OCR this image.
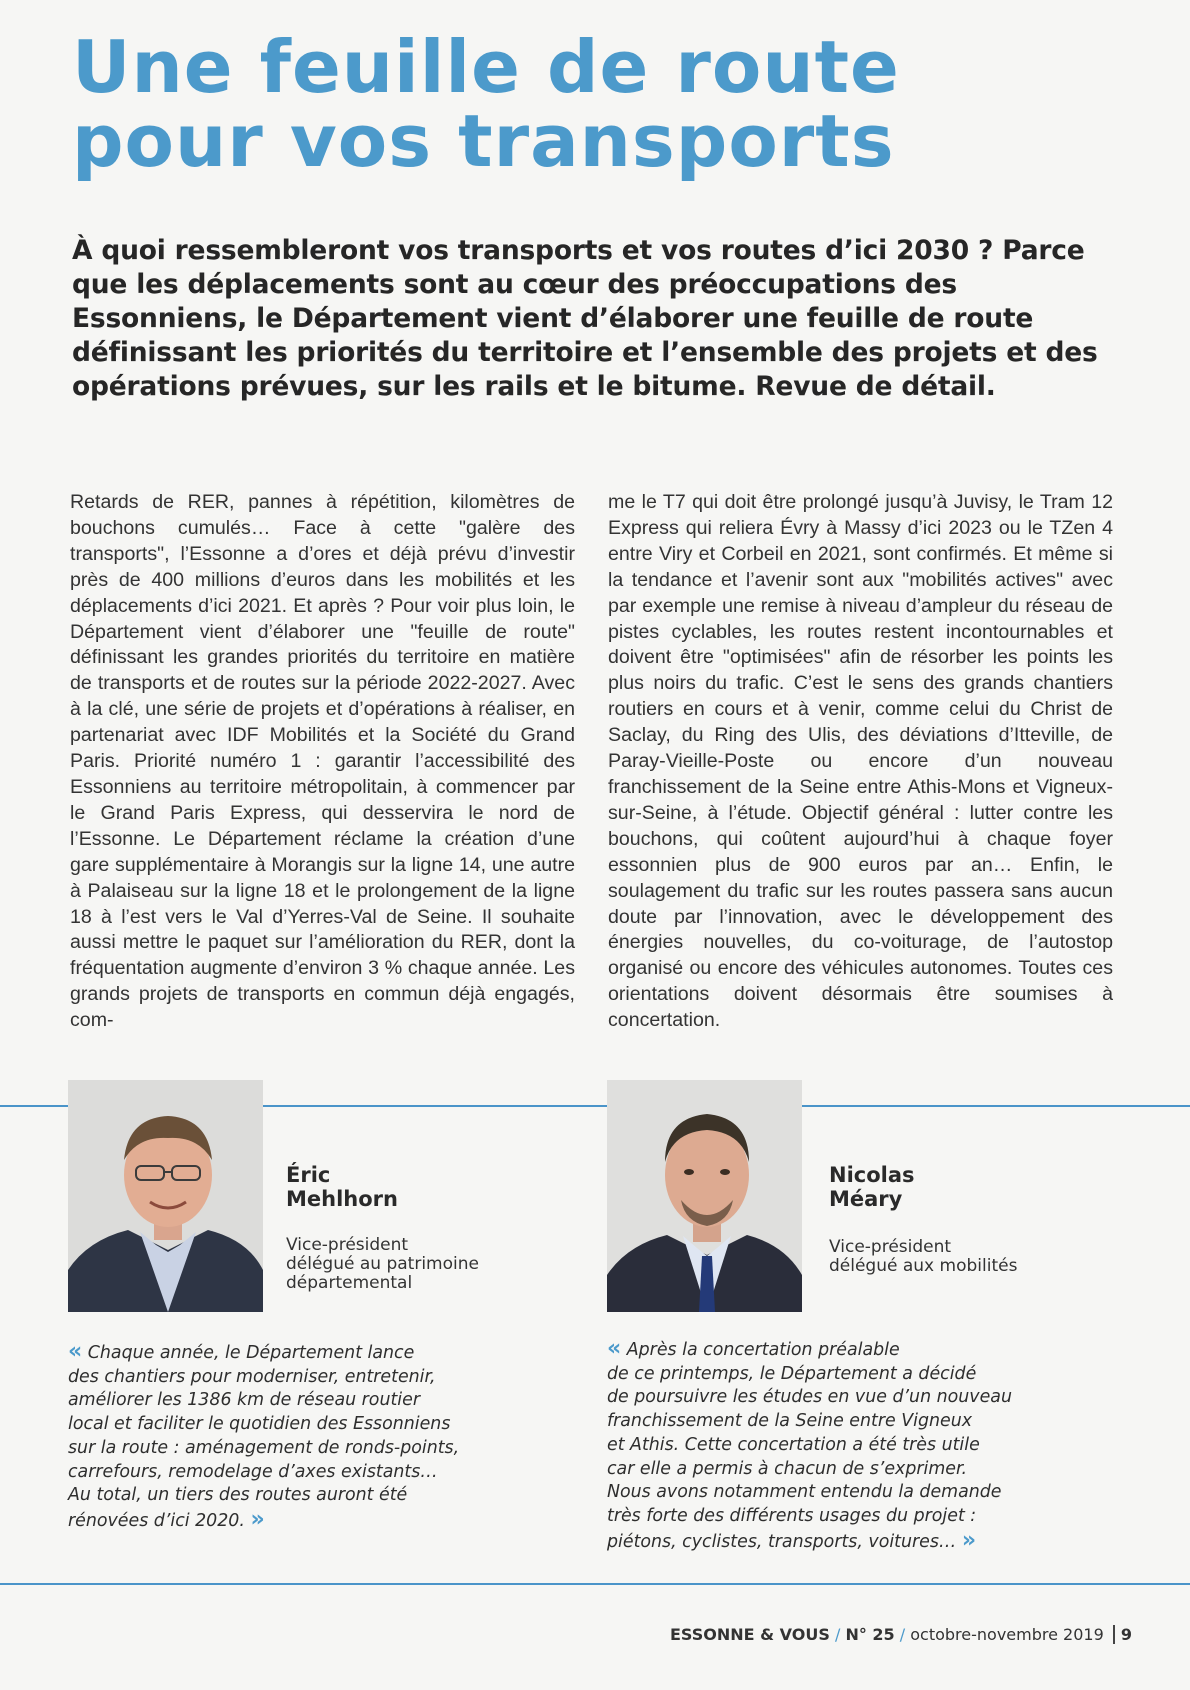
Une feuille de route
pour vos transports

À quoi ressembleront vos transports et vos routes d’ici 2030 ? Parce que les déplacements sont au cœur des préoccupations des Essonniens, le Département vient d’élaborer une feuille de route définissant les priorités du territoire et l’ensemble des projets et des opérations prévues, sur les rails et le bitume. Revue de détail.

Retards de RER, pannes à répétition, kilomètres de bouchons cumulés… Face à cette "galère des transports", l’Essonne a d’ores et déjà prévu d’investir près de 400 millions d’euros dans les mobilités et les déplacements d’ici 2021. Et après ? Pour voir plus loin, le Département vient d’élaborer une "feuille de route" définissant les grandes priorités du territoire en matière de transports et de routes sur la période 2022-2027. Avec à la clé, une série de projets et d’opérations à réaliser, en partenariat avec IDF Mobilités et la Société du Grand Paris. Priorité numéro 1 : garantir l’accessibilité des Essonniens au territoire métropolitain, à commencer par le Grand Paris Express, qui desservira le nord de l’Essonne. Le Département réclame la création d’une gare supplémentaire à Morangis sur la ligne 14, une autre à Palaiseau sur la ligne 18 et le prolongement de la ligne 18 à l’est vers le Val d’Yerres-Val de Seine. Il souhaite aussi mettre le paquet sur l’amélioration du RER, dont la fréquentation augmente d’environ 3 % chaque année. Les grands projets de transports en commun déjà engagés, com-

me le T7 qui doit être prolongé jusqu’à Juvisy, le Tram 12 Express qui reliera Évry à Massy d’ici 2023 ou le TZen 4 entre Viry et Corbeil en 2021, sont confirmés. Et même si la tendance et l’avenir sont aux "mobilités actives" avec par exemple une remise à niveau d’ampleur du réseau de pistes cyclables, les routes restent incontournables et doivent être "optimisées" afin de résorber les points les plus noirs du trafic. C’est le sens des grands chantiers routiers en cours et à venir, comme celui du Christ de Saclay, du Ring des Ulis, des déviations d’Itteville, de Paray-Vieille-Poste ou encore d’un nouveau franchissement de la Seine entre Athis-Mons et Vigneux-sur-Seine, à l’étude. Objectif général : lutter contre les bouchons, qui coûtent aujourd’hui à chaque foyer essonnien plus de 900 euros par an… Enfin, le soulagement du trafic sur les routes passera sans aucun doute par l’innovation, avec le développement des énergies nouvelles, du co-voiturage, de l’autostop organisé ou encore des véhicules autonomes. Toutes ces orientations doivent désormais être soumises à concertation.

Éric
Mehlhorn

Vice-président
délégué au patrimoine
départemental

« Chaque année, le Département lance
des chantiers pour moderniser, entretenir,
améliorer les 1386 km de réseau routier
local et faciliter le quotidien des Essonniens
sur la route : aménagement de ronds-points,
carrefours, remodelage d’axes existants…
Au total, un tiers des routes auront été
rénovées d’ici 2020. »
Nicolas
Méary

Vice-président
délégué aux mobilités

« Après la concertation préalable
de ce printemps, le Département a décidé
de poursuivre les études en vue d’un nouveau
franchissement de la Seine entre Vigneux
et Athis. Cette concertation a été très utile
car elle a permis à chacun de s’exprimer.
Nous avons notamment entendu la demande
très forte des différents usages du projet :
piétons, cyclistes, transports, voitures… »
ESSONNE & VOUS / N° 25 / octobre-novembre 2019 9
